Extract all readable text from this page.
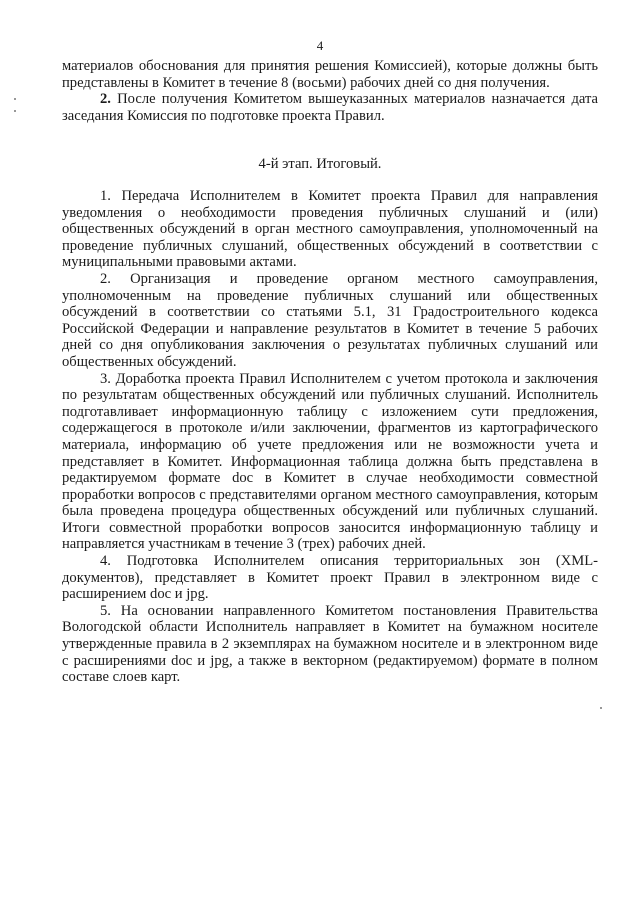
4

материалов обоснования для принятия решения Комиссией), которые должны быть представлены в Комитет в течение 8 (восьми) рабочих дней со дня получения.

2. После получения Комитетом вышеуказанных материалов назначается дата заседания Комиссия по подготовке проекта Правил.

4-й этап. Итоговый.

1. Передача Исполнителем в Комитет проекта Правил для направления уведомления о необходимости проведения публичных слушаний и (или) общественных обсуждений в орган местного самоуправления, уполномоченный на проведение публичных слушаний, общественных обсуждений в соответствии с муниципальными правовыми актами.

2. Организация и проведение органом местного самоуправления, уполномоченным на проведение публичных слушаний или общественных обсуждений в соответствии со статьями 5.1, 31 Градостроительного кодекса Российской Федерации и направление результатов в Комитет в течение 5 рабочих дней со дня опубликования заключения о результатах публичных слушаний или общественных обсуждений.

3. Доработка проекта Правил Исполнителем с учетом протокола и заключения по результатам общественных обсуждений или публичных слушаний. Исполнитель подготавливает информационную таблицу с изложением сути предложения, содержащегося в протоколе и/или заключении, фрагментов из картографического материала, информацию об учете предложения или не возможности учета и представляет в Комитет. Информационная таблица должна быть представлена в редактируемом формате doc в Комитет в случае необходимости совместной проработки вопросов с представителями органом местного самоуправления, которым была проведена процедура общественных обсуждений или публичных слушаний. Итоги совместной проработки вопросов заносится информационную таблицу и направляется участникам в течение 3 (трех) рабочих дней.

4. Подготовка Исполнителем описания территориальных зон (XML-документов), представляет в Комитет проект Правил в электронном виде с расширением doc и jpg.

5. На основании направленного Комитетом постановления Правительства Вологодской области Исполнитель направляет в Комитет на бумажном носителе утвержденные правила в 2 экземплярах на бумажном носителе и в электронном виде с расширениями doc и jpg, а также в векторном (редактируемом) формате в полном составе слоев карт.
